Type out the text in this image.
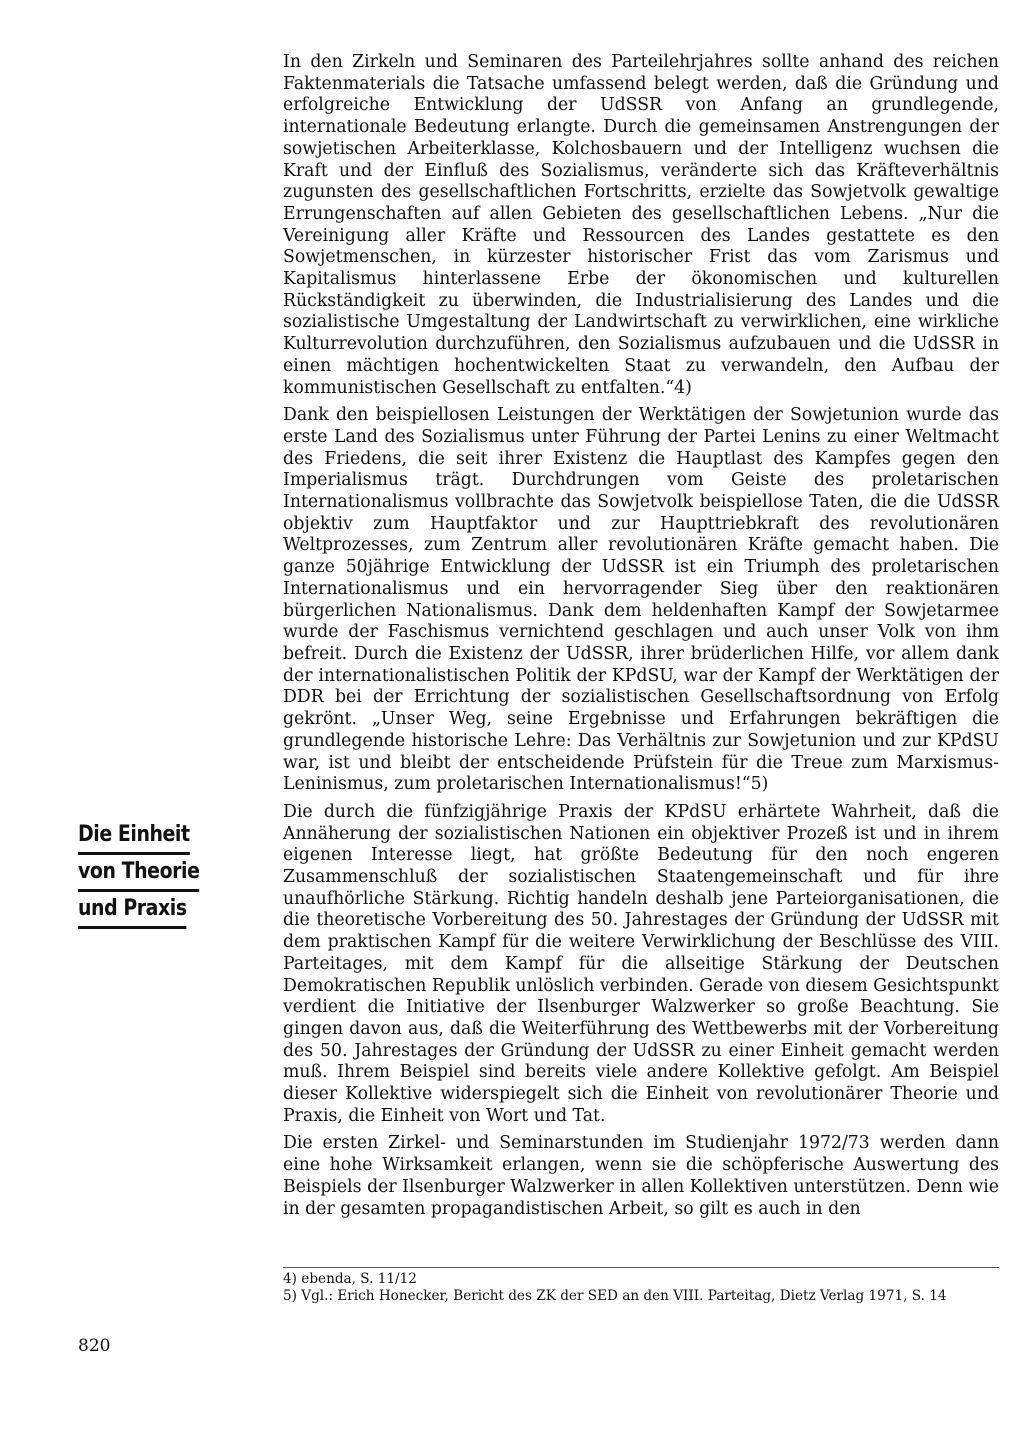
Die Einheit
von Theorie
und Praxis

In den Zirkeln und Seminaren des Parteilehrjahres sollte anhand des reichen Faktenmaterials die Tatsache umfassend belegt werden, daß die Gründung und erfolgreiche Entwicklung der UdSSR von Anfang an grundlegende, internationale Bedeutung erlangte. Durch die gemeinsamen Anstrengungen der sowjetischen Arbeiterklasse, Kolchosbauern und der Intelligenz wuchsen die Kraft und der Einfluß des Sozialismus, veränderte sich das Kräfteverhältnis zugunsten des gesellschaftlichen Fortschritts, erzielte das Sowjetvolk gewaltige Errungenschaften auf allen Gebieten des gesellschaftlichen Lebens. „Nur die Vereinigung aller Kräfte und Ressourcen des Landes gestattete es den Sowjetmenschen, in kürzester historischer Frist das vom Zarismus und Kapitalismus hinterlassene Erbe der ökonomischen und kulturellen Rückständigkeit zu überwinden, die Industrialisierung des Landes und die sozialistische Umgestaltung der Landwirtschaft zu verwirklichen, eine wirkliche Kulturrevolution durchzuführen, den Sozialismus aufzubauen und die UdSSR in einen mächtigen hochentwickelten Staat zu verwandeln, den Aufbau der kommunistischen Gesellschaft zu entfalten.“4)

Dank den beispiellosen Leistungen der Werktätigen der Sowjetunion wurde das erste Land des Sozialismus unter Führung der Partei Lenins zu einer Weltmacht des Friedens, die seit ihrer Existenz die Hauptlast des Kampfes gegen den Imperialismus trägt. Durchdrungen vom Geiste des proletarischen Internationalismus vollbrachte das Sowjetvolk beispiellose Taten, die die UdSSR objektiv zum Hauptfaktor und zur Haupttriebkraft des revolutionären Weltprozesses, zum Zentrum aller revolutionären Kräfte gemacht haben. Die ganze 50jährige Entwicklung der UdSSR ist ein Triumph des proletarischen Internationalismus und ein hervorragender Sieg über den reaktionären bürgerlichen Nationalismus. Dank dem heldenhaften Kampf der Sowjetarmee wurde der Faschismus vernichtend geschlagen und auch unser Volk von ihm befreit. Durch die Existenz der UdSSR, ihrer brüderlichen Hilfe, vor allem dank der internationalistischen Politik der KPdSU, war der Kampf der Werktätigen der DDR bei der Errichtung der sozialistischen Gesellschaftsordnung von Erfolg gekrönt. „Unser Weg, seine Ergebnisse und Erfahrungen bekräftigen die grundlegende historische Lehre: Das Verhältnis zur Sowjetunion und zur KPdSU war, ist und bleibt der entscheidende Prüfstein für die Treue zum Marxismus-Leninismus, zum proletarischen Internationalismus!“5)

Die durch die fünfzigjährige Praxis der KPdSU erhärtete Wahrheit, daß die Annäherung der sozialistischen Nationen ein objektiver Prozeß ist und in ihrem eigenen Interesse liegt, hat größte Bedeutung für den noch engeren Zusammenschluß der sozialistischen Staatengemeinschaft und für ihre unaufhörliche Stärkung. Richtig handeln deshalb jene Parteiorganisationen, die die theoretische Vorbereitung des 50. Jahrestages der Gründung der UdSSR mit dem praktischen Kampf für die weitere Verwirklichung der Beschlüsse des VIII. Parteitages, mit dem Kampf für die allseitige Stärkung der Deutschen Demokratischen Republik unlöslich verbinden. Gerade von diesem Gesichtspunkt verdient die Initiative der Ilsenburger Walzwerker so große Beachtung. Sie gingen davon aus, daß die Weiterführung des Wettbewerbs mit der Vorbereitung des 50. Jahrestages der Gründung der UdSSR zu einer Einheit gemacht werden muß. Ihrem Beispiel sind bereits viele andere Kollektive gefolgt. Am Beispiel dieser Kollektive widerspiegelt sich die Einheit von revolutionärer Theorie und Praxis, die Einheit von Wort und Tat.

Die ersten Zirkel- und Seminarstunden im Studienjahr 1972/73 werden dann eine hohe Wirksamkeit erlangen, wenn sie die schöpferische Auswertung des Beispiels der Ilsenburger Walzwerker in allen Kollektiven unterstützen. Denn wie in der gesamten propagandistischen Arbeit, so gilt es auch in den

4) ebenda, S. 11/12
5) Vgl.: Erich Honecker, Bericht des ZK der SED an den VIII. Parteitag, Dietz Verlag 1971, S. 14
820
